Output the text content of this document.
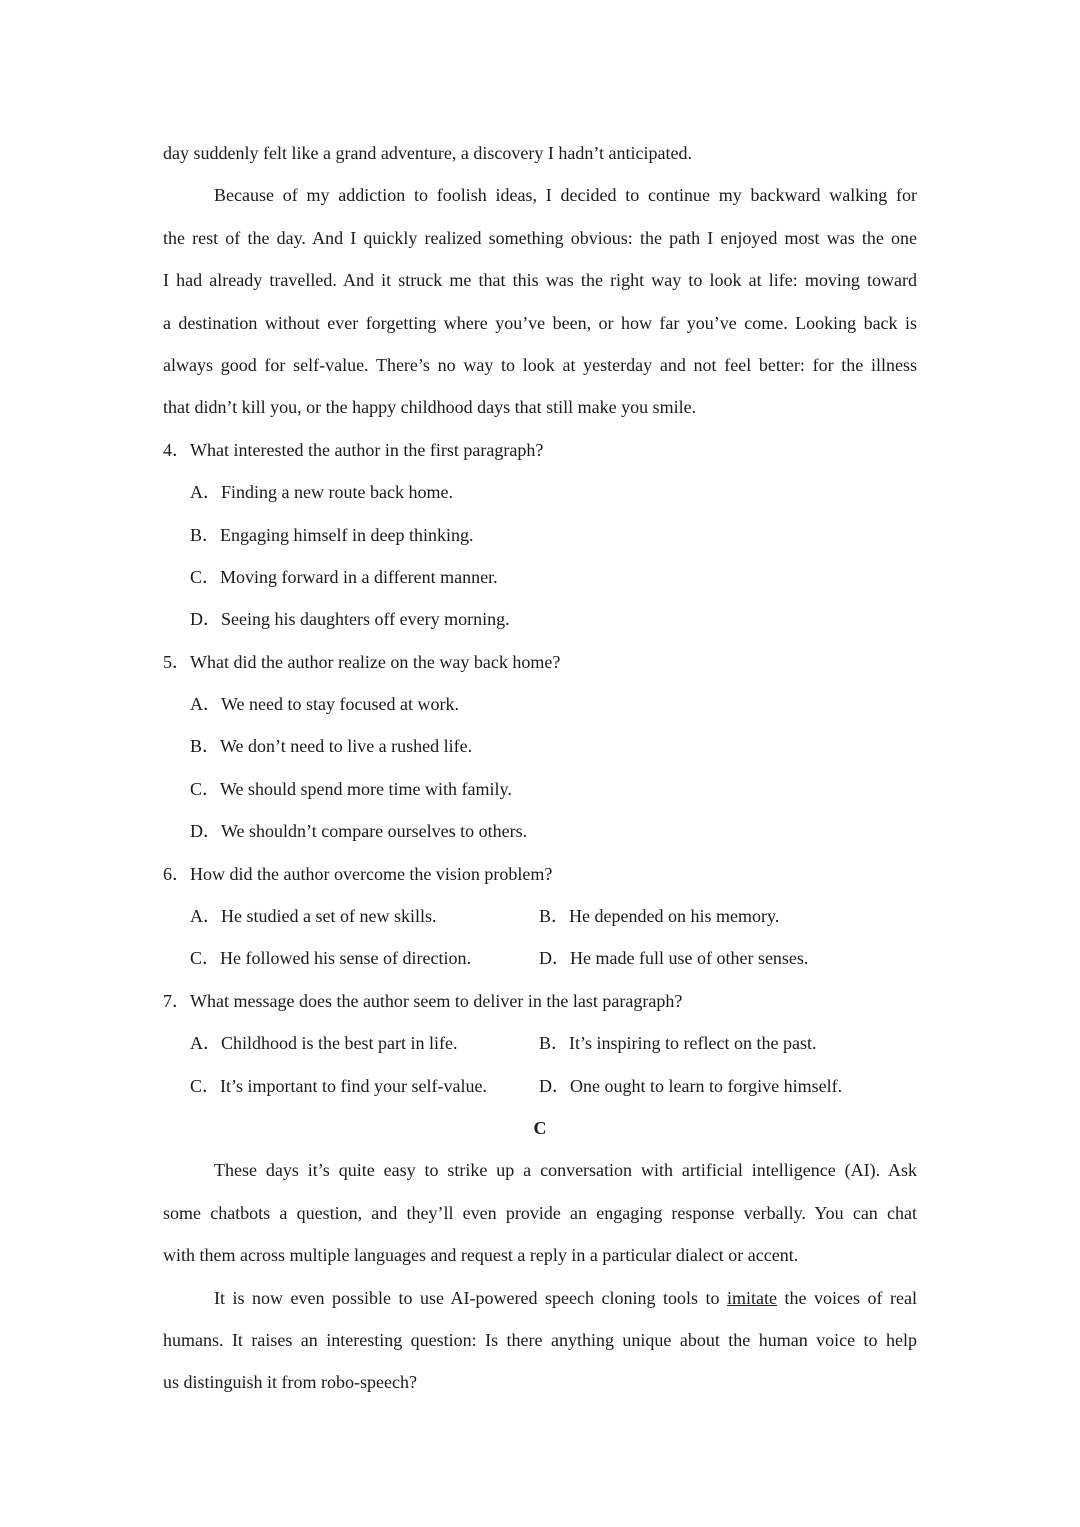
day suddenly felt like a grand adventure, a discovery I hadn’t anticipated.
Because of my addiction to foolish ideas, I decided to continue my backward walking for
the rest of the day. And I quickly realized something obvious: the path I enjoyed most was the one
I had already travelled. And it struck me that this was the right way to look at life: moving toward
a destination without ever forgetting where you’ve been, or how far you’ve come. Looking back is
always good for self-value. There’s no way to look at yesterday and not feel better: for the illness
that didn’t kill you, or the happy childhood days that still make you smile.
4．What interested the author in the first paragraph?
A．Finding a new route back home.
B．Engaging himself in deep thinking.
C．Moving forward in a different manner.
D．Seeing his daughters off every morning.
5．What did the author realize on the way back home?
A．We need to stay focused at work.
B．We don’t need to live a rushed life.
C．We should spend more time with family.
D．We shouldn’t compare ourselves to others.
6．How did the author overcome the vision problem?
A．He studied a set of new skills.	B．He depended on his memory.
C．He followed his sense of direction.	D．He made full use of other senses.
7．What message does the author seem to deliver in the last paragraph?
A．Childhood is the best part in life.	B．It’s inspiring to reflect on the past.
C．It’s important to find your self-value.	D．One ought to learn to forgive himself.
C
These days it’s quite easy to strike up a conversation with artificial intelligence (AI). Ask
some chatbots a question, and they’ll even provide an engaging response verbally. You can chat
with them across multiple languages and request a reply in a particular dialect or accent.
It is now even possible to use AI-powered speech cloning tools to imitate the voices of real
humans. It raises an interesting question: Is there anything unique about the human voice to help
us distinguish it from robo-speech?
